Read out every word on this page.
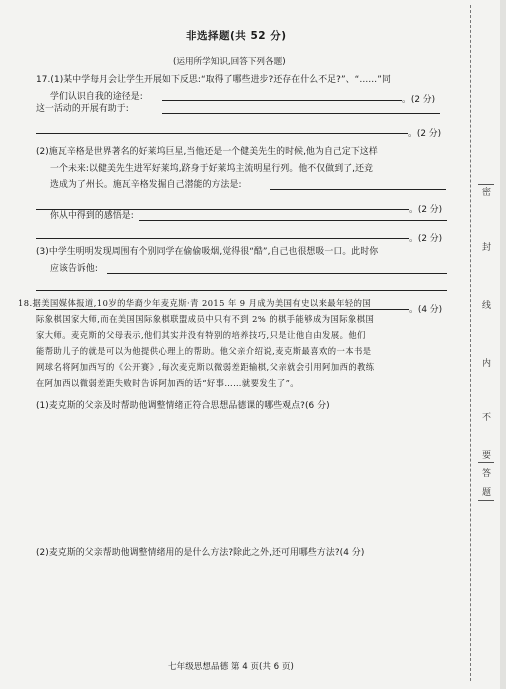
非选择题(共 52 分)
(运用所学知识,回答下列各题)
17.(1)某中学每月会让学生开展如下反思:“取得了哪些进步?还存在什么不足?”、“……”同
学们认识自我的途径是:	。(2 分)
这一活动的开展有助于:
。(2 分)
(2)施瓦辛格是世界著名的好莱坞巨星,当他还是一个健美先生的时候,他为自己定下这样
一个未来:以健美先生进军好莱坞,跻身于好莱坞主流明星行列。他不仅做到了,还竞
选成为了州长。施瓦辛格发掘自己潜能的方法是:
。(2 分)
你从中得到的感悟是:
。(2 分)
(3)中学生明明发现周围有个别同学在偷偷吸烟,觉得很“酷”,自己也很想吸一口。此时你
应该告诉他:
。(4 分)
18.据美国媒体报道,10岁的华裔少年麦克斯·青 2015 年 9 月成为美国有史以来最年轻的国
际象棋国家大师,而在美国国际象棋联盟成员中只有不到 2% 的棋手能够成为国际象棋国
家大师。麦克斯的父母表示,他们其实并没有特别的培养技巧,只是让他自由发展。他们
能帮助儿子的就是可以为他提供心理上的帮助。他父亲介绍说,麦克斯最喜欢的一本书是
网球名将阿加西写的《公开赛》,每次麦克斯以微弱差距输棋,父亲就会引用阿加西的教练
在阿加西以微弱差距失败时告诉阿加西的话“好事……就要发生了”。
(1)麦克斯的父亲及时帮助他调整情绪正符合思想品德课的哪些观点?(6 分)
(2)麦克斯的父亲帮助他调整情绪用的是什么方法?除此之外,还可用哪些方法?(4 分)
七年级思想品德 第 4 页(共 6 页)
密
封
线
内
不
要
答
题
